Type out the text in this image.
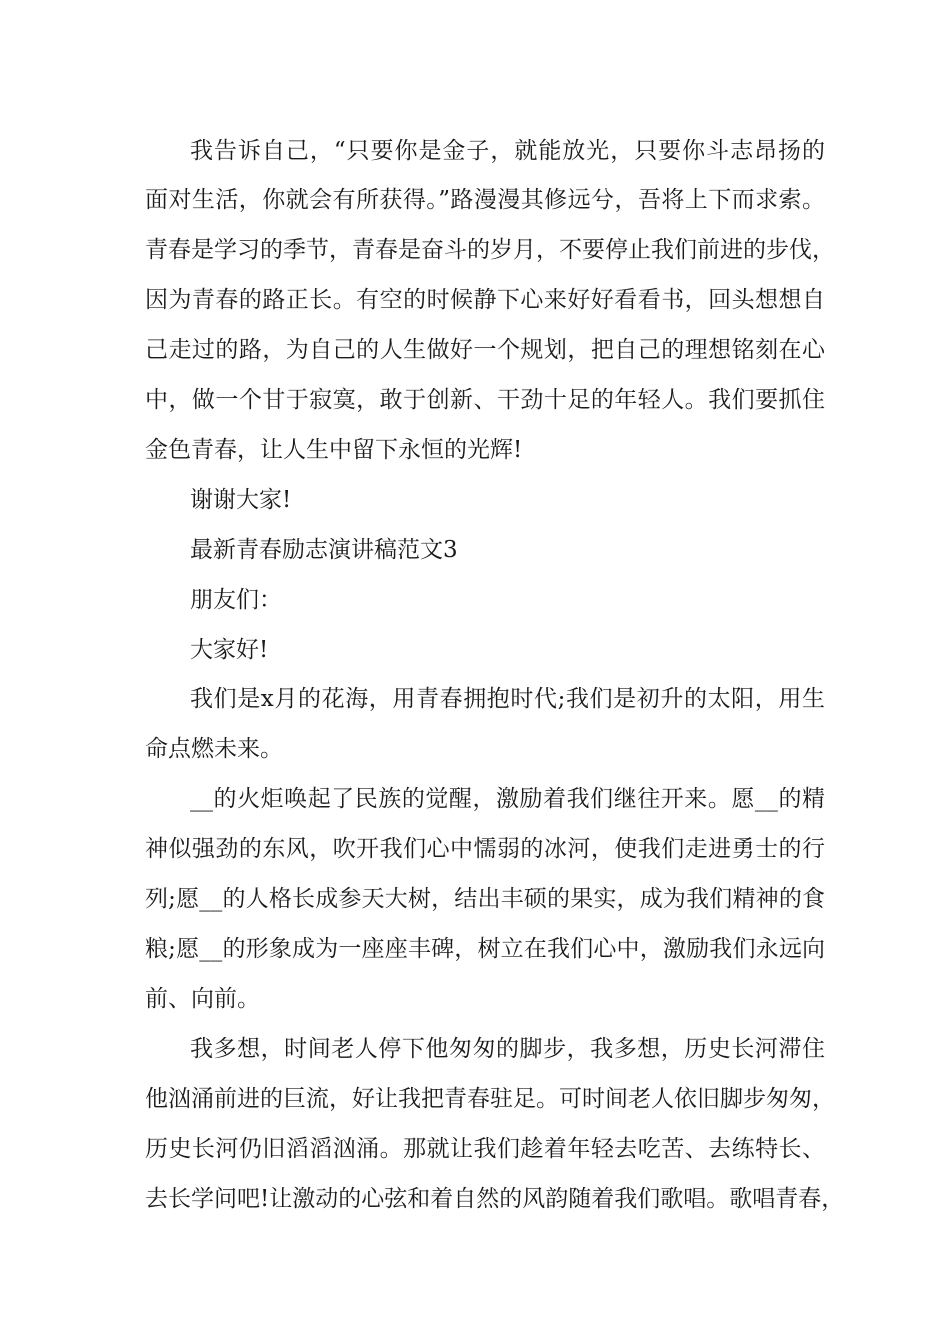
我告诉自己，“只要你是金子，就能放光，只要你斗志昂扬的
面对生活，你就会有所获得。”路漫漫其修远兮，吾将上下而求索。
青春是学习的季节，青春是奋斗的岁月，不要停止我们前进的步伐，
因为青春的路正长。有空的时候静下心来好好看看书，回头想想自
己走过的路，为自己的人生做好一个规划，把自己的理想铭刻在心
中，做一个甘于寂寞，敢于创新、干劲十足的年轻人。我们要抓住
金色青春，让人生中留下永恒的光辉!
谢谢大家!
最新青春励志演讲稿范文3
朋友们：
大家好!
我们是x月的花海，用青春拥抱时代;我们是初升的太阳，用生
命点燃未来。
__的火炬唤起了民族的觉醒，激励着我们继往开来。愿__的精
神似强劲的东风，吹开我们心中懦弱的冰河，使我们走进勇士的行
列;愿__的人格长成参天大树，结出丰硕的果实，成为我们精神的食
粮;愿__的形象成为一座座丰碑，树立在我们心中，激励我们永远向
前、向前。
我多想，时间老人停下他匆匆的脚步，我多想，历史长河滞住
他汹涌前进的巨流，好让我把青春驻足。可时间老人依旧脚步匆匆，
历史长河仍旧滔滔汹涌。那就让我们趁着年轻去吃苦、去练特长、
去长学问吧!让激动的心弦和着自然的风韵随着我们歌唱。歌唱青春，
